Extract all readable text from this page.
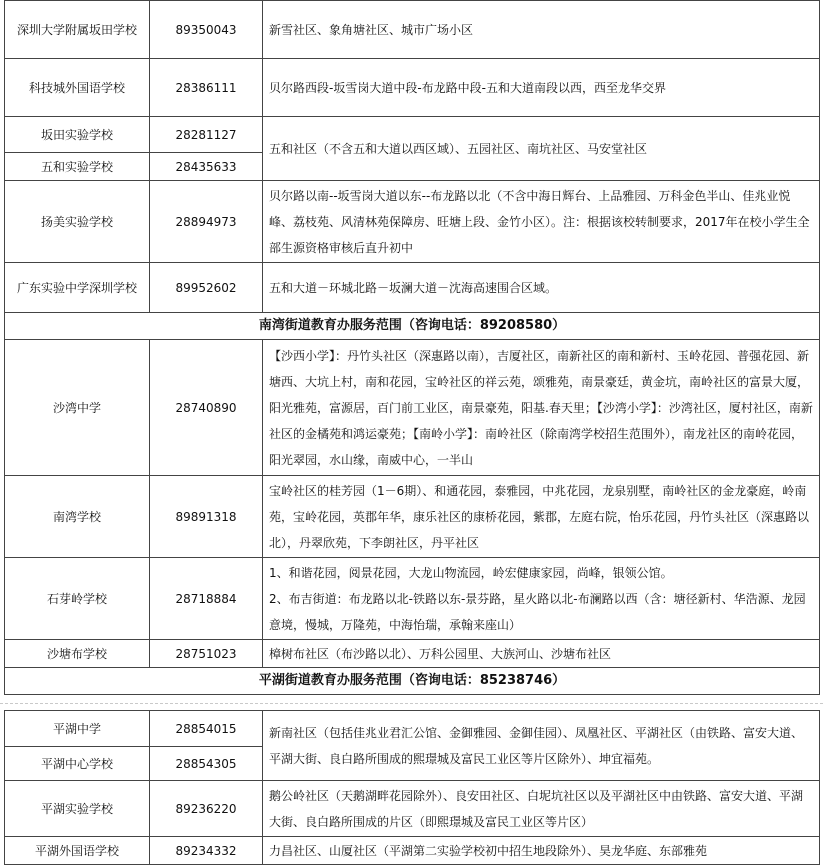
深圳大学附属坂田学校	89350043	新雪社区、象角塘社区、城市广场小区
科技城外国语学校	28386111	贝尔路西段-坂雪岗大道中段-布龙路中段-五和大道南段以西，西至龙华交界
坂田实验学校	28281127	五和社区（不含五和大道以西区域）、五园社区、南坑社区、马安堂社区
五和实验学校	28435633	
扬美实验学校	28894973	贝尔路以南--坂雪岗大道以东--布龙路以北（不含中海日辉台、上品雅园、万科金色半山、佳兆业悦峰、荔枝苑、风清林苑保障房、旺塘上段、金竹小区）。注：根据该校转制要求，2017年在校小学生全部生源资格审核后直升初中

广东实验中学深圳学校	89952602	五和大道－环城北路－坂澜大道－沈海高速围合区域。
南湾街道教育办服务范围（咨询电话：89208580）		
沙湾中学	28740890	【沙西小学】：丹竹头社区（深惠路以南），吉厦社区，南新社区的南和新村、玉岭花园、普强花园、新塘西、大坑上村，南和花园，宝岭社区的祥云苑，颂雅苑，南景豪廷，黄金坑，南岭社区的富景大厦，阳光雅苑，富源居，百门前工业区，南景豪苑，阳基.春天里；【沙湾小学】：沙湾社区，厦村社区，南新社区的金橘苑和鸿运豪苑；【南岭小学】：南岭社区（除南湾学校招生范围外），南龙社区的南岭花园，阳光翠园，水山缘，南威中心，一半山
南湾学校	89891318	宝岭社区的桂芳园（1－6期）、和通花园，泰雅园，中兆花园，龙泉别墅，南岭社区的金龙豪庭，岭南苑，宝岭花园，英郡年华，康乐社区的康桥花园，紫郡，左庭右院，怡乐花园，丹竹头社区（深惠路以北），丹翠欣苑，下李朗社区，丹平社区
石芽岭学校	28718884	1、和谐花园，阅景花园，大龙山物流园，岭宏健康家园，尚峰，银领公馆。
2、布吉街道：布龙路以北-铁路以东-景芬路，星火路以北-布澜路以西（含：塘径新村、华浩源、龙园意境，慢城，万隆苑，中海怡瑞，承翰来座山）

沙塘布学校	28751023	樟树布社区（布沙路以北）、万科公园里、大族河山、沙塘布社区
平湖街道教育办服务范围（咨询电话：85238746）		
平湖中学	28854015	新南社区（包括佳兆业君汇公馆、金御雅园、金御佳园）、凤凰社区、平湖社区（由铁路、富安大道、平湖大街、良白路所围成的熙璟城及富民工业区等片区除外）、坤宜福苑。
平湖中心学校	28854305	
平湖实验学校	89236220	鹅公岭社区（天鹅湖畔花园除外）、良安田社区、白坭坑社区以及平湖社区中由铁路、富安大道、平湖大街、良白路所围成的片区（即熙璟城及富民工业区等片区）
平湖外国语学校	89234332	力昌社区、山厦社区（平湖第二实验学校初中招生地段除外）、昊龙华庭、东部雅苑
